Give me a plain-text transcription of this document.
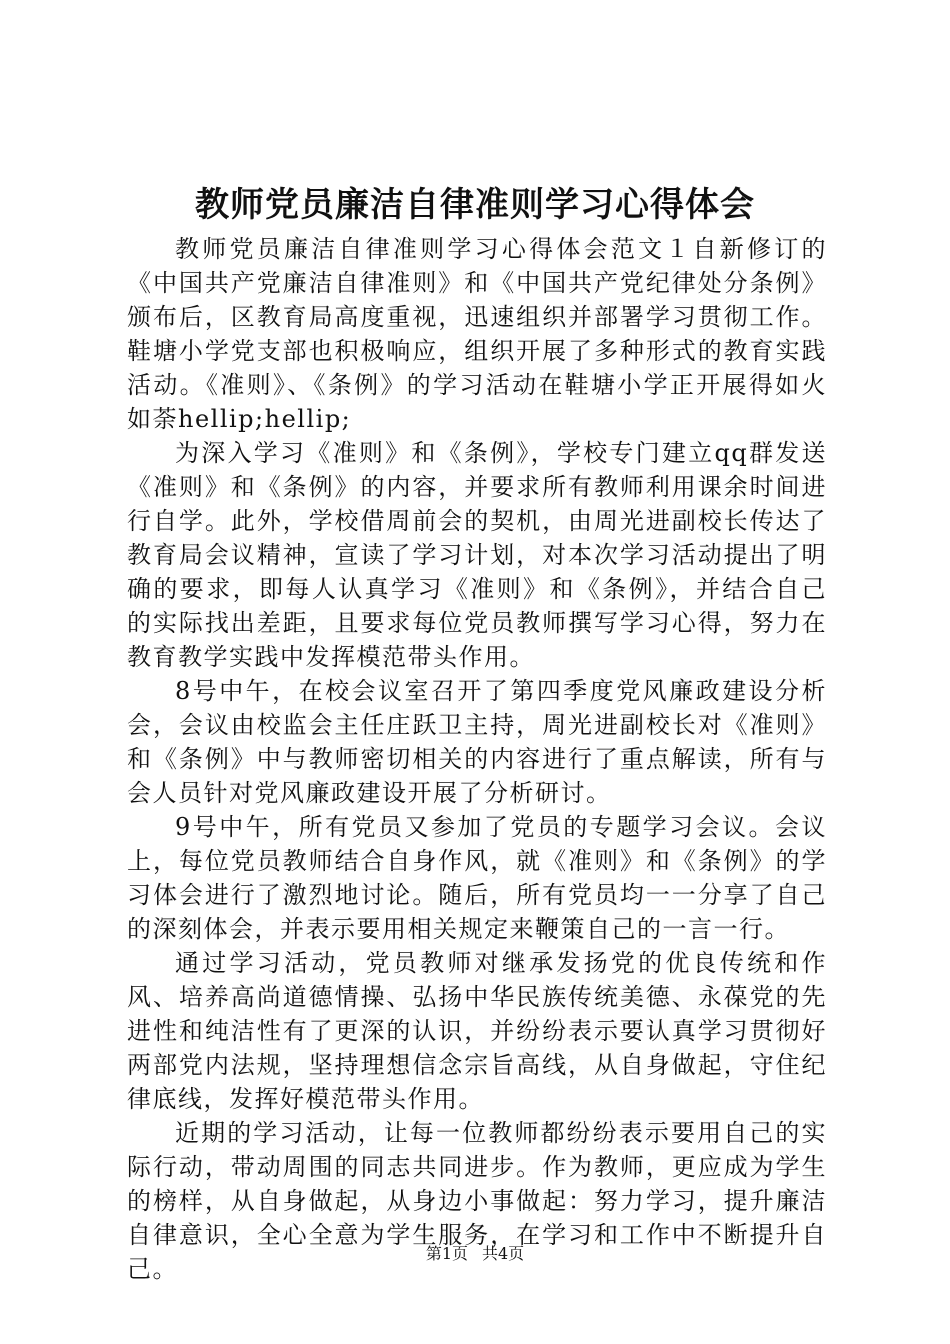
教师党员廉洁自律准则学习心得体会

教师党员廉洁自律准则学习心得体会范文１自新修订的《中国共产党廉洁自律准则》和《中国共产党纪律处分条例》颁布后，区教育局高度重视，迅速组织并部署学习贯彻工作。鞋塘小学党支部也积极响应，组织开展了多种形式的教育实践活动。《准则》、《条例》的学习活动在鞋塘小学正开展得如火如荼hellip;hellip;

为深入学习《准则》和《条例》，学校专门建立qq群发送《准则》和《条例》的内容，并要求所有教师利用课余时间进行自学。此外，学校借周前会的契机，由周光进副校长传达了教育局会议精神，宣读了学习计划，对本次学习活动提出了明确的要求，即每人认真学习《准则》和《条例》，并结合自己的实际找出差距，且要求每位党员教师撰写学习心得，努力在教育教学实践中发挥模范带头作用。

8号中午，在校会议室召开了第四季度党风廉政建设分析会，会议由校监会主任庄跃卫主持，周光进副校长对《准则》和《条例》中与教师密切相关的内容进行了重点解读，所有与会人员针对党风廉政建设开展了分析研讨。

9号中午，所有党员又参加了党员的专题学习会议。会议上，每位党员教师结合自身作风，就《准则》和《条例》的学习体会进行了激烈地讨论。随后，所有党员均一一分享了自己的深刻体会，并表示要用相关规定来鞭策自己的一言一行。

通过学习活动，党员教师对继承发扬党的优良传统和作风、培养高尚道德情操、弘扬中华民族传统美德、永葆党的先进性和纯洁性有了更深的认识，并纷纷表示要认真学习贯彻好两部党内法规，坚持理想信念宗旨高线，从自身做起，守住纪律底线，发挥好模范带头作用。

近期的学习活动，让每一位教师都纷纷表示要用自己的实际行动，带动周围的同志共同进步。作为教师，更应成为学生的榜样，从自身做起，从身边小事做起：努力学习，提升廉洁自律意识，全心全意为学生服务，在学习和工作中不断提升自己。

第1页 共4页
